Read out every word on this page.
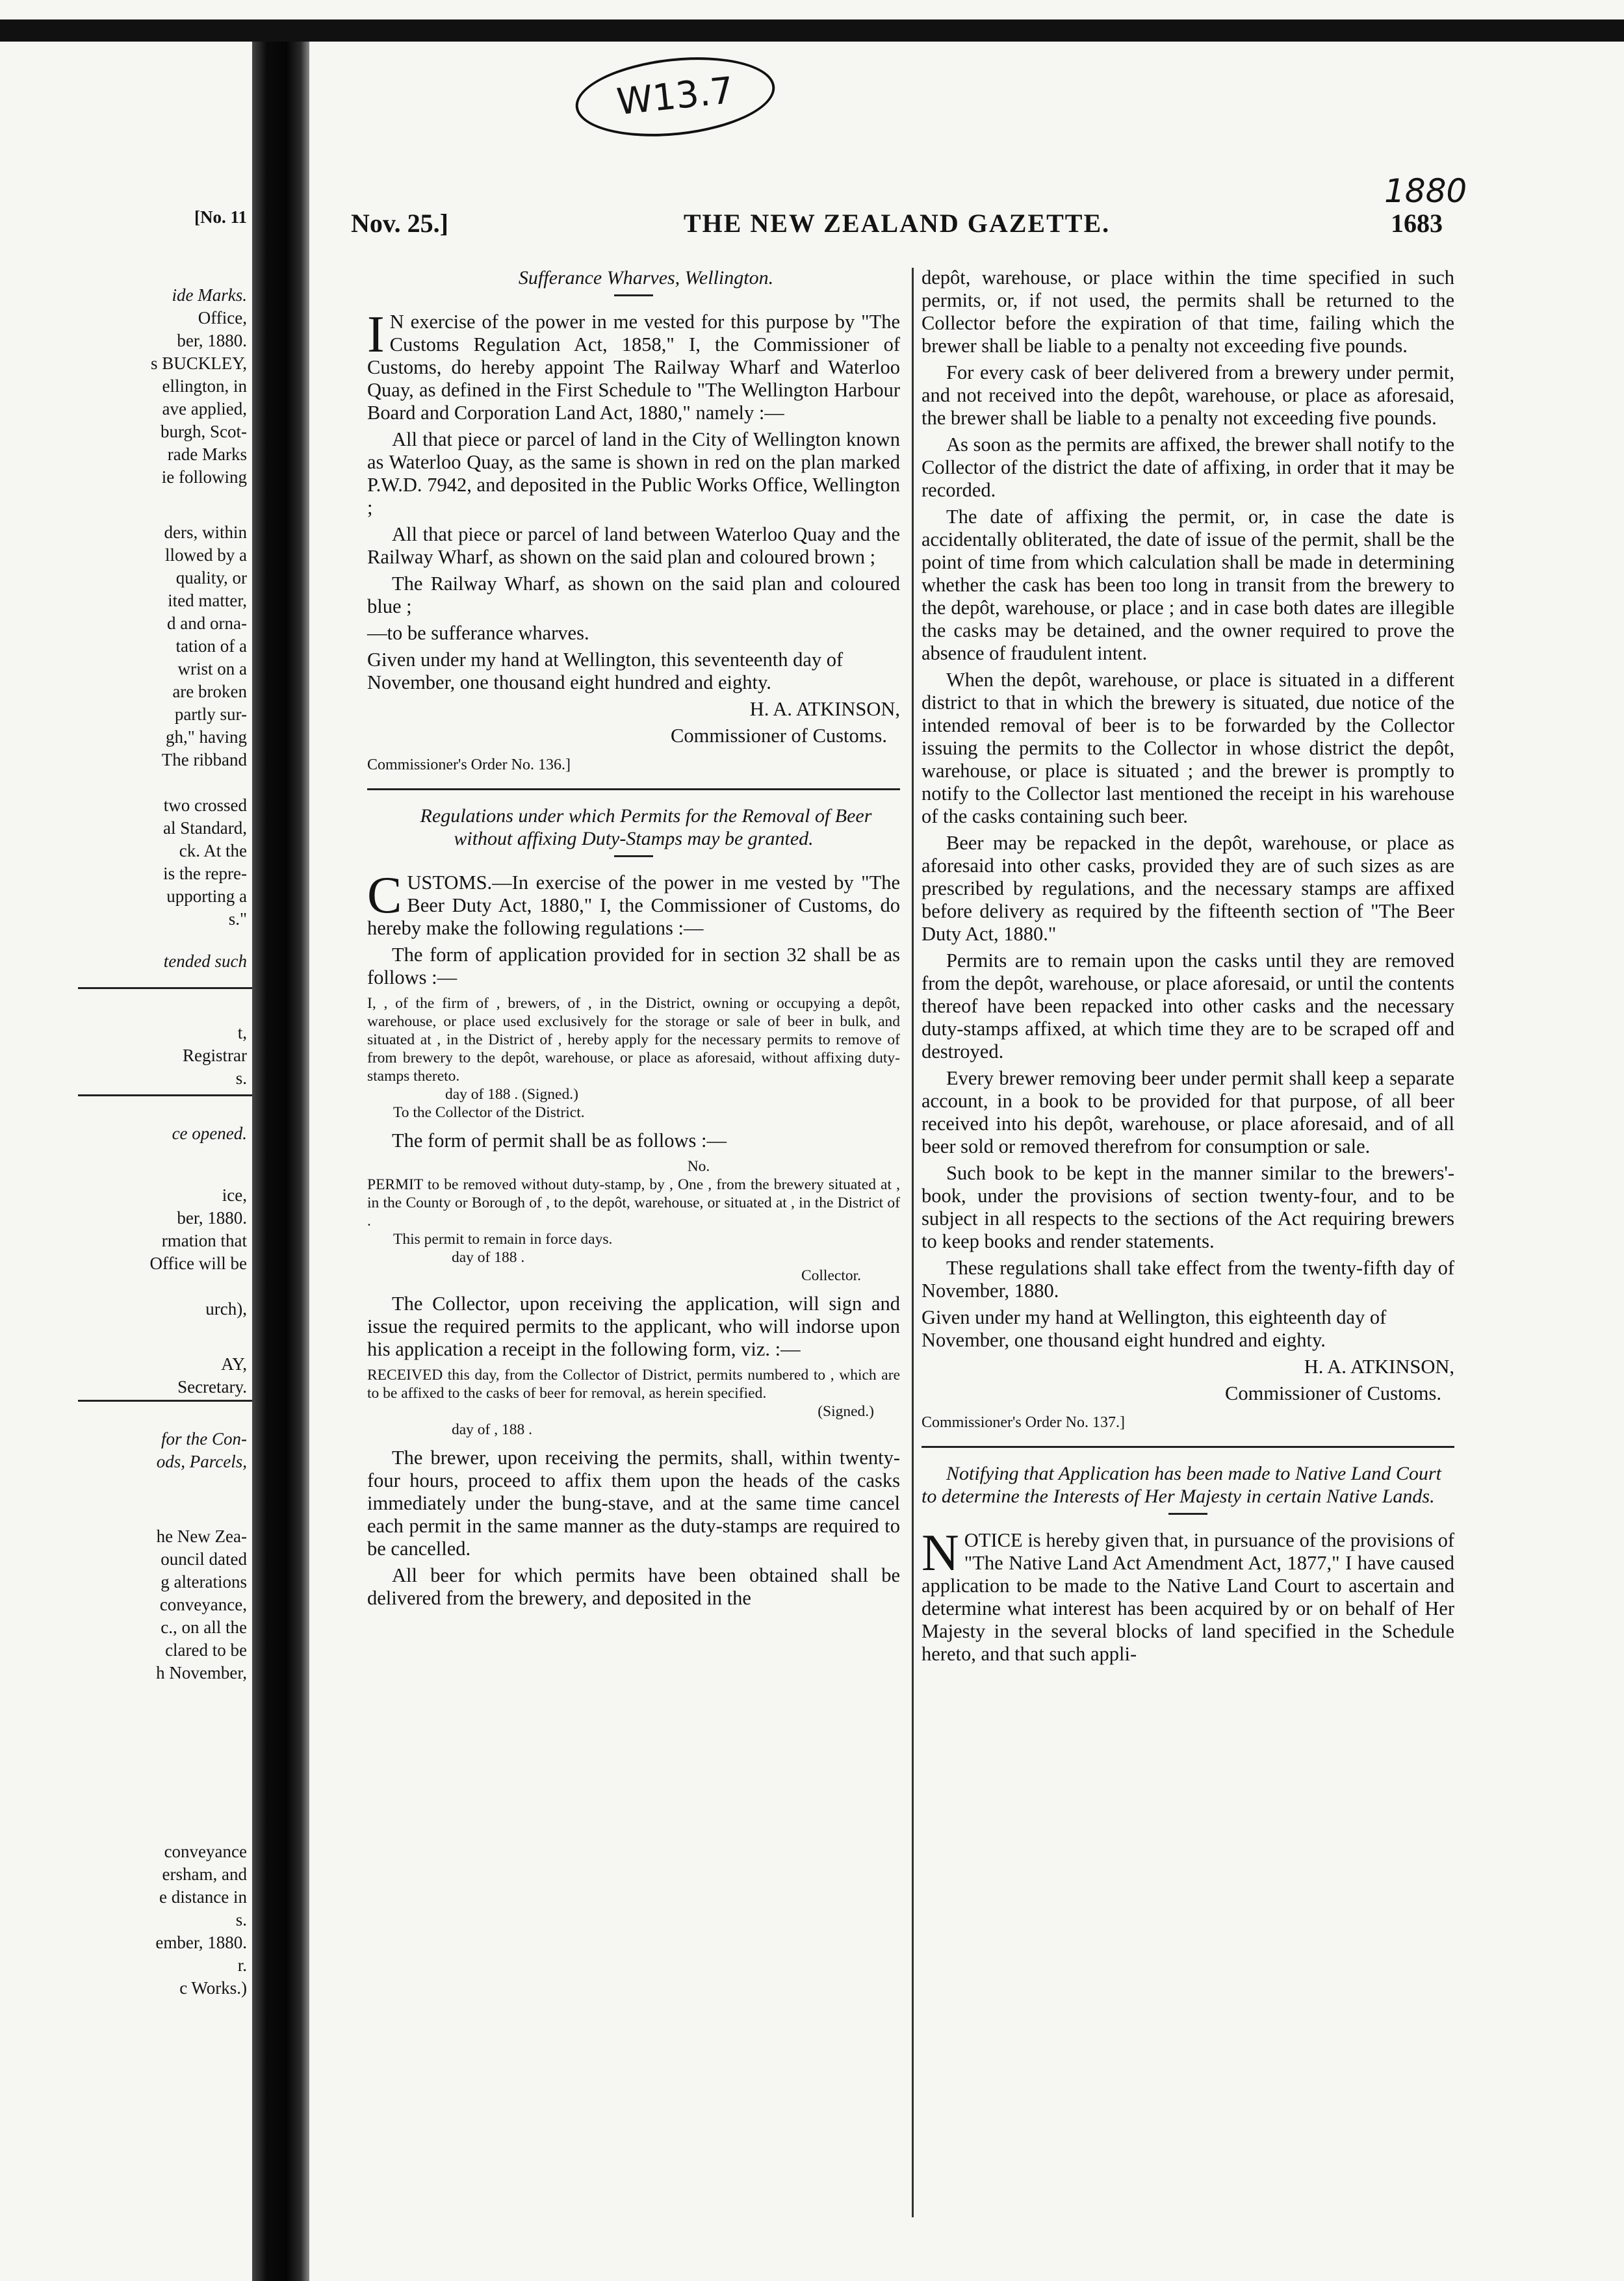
[No. 11
ide Marks.
Office,
ber, 1880.
s BUCKLEY,
ellington, in
ave applied,
burgh, Scot-
rade Marks
ie following
ders, within
llowed by a
quality, or
ited matter,
d and orna-
tation of a
wrist on a
are broken
partly sur-
gh," having
The ribband
two crossed
al Standard,
ck. At the
is the repre-
upporting a
s."
tended such
t,
Registrar
s.
ce opened.
ice,
ber, 1880.
rmation that
Office will be
urch),
AY,
Secretary.
for the Con-
ods, Parcels,
he New Zea-
ouncil dated
g alterations
conveyance,
c., on all the
clared to be
h November,
conveyance
ersham, and
e distance in
s.
ember, 1880.
r.
c Works.)
W13.7
1880
Nov. 25.]	THE NEW ZEALAND GAZETTE.	1683

Sufferance Wharves, Wellington.

I N exercise of the power in me vested for this purpose by "The Customs Regulation Act, 1858," I, the Commissioner of Customs, do hereby appoint The Railway Wharf and Waterloo Quay, as defined in the First Schedule to "The Wellington Harbour Board and Corporation Land Act, 1880," namely :—

All that piece or parcel of land in the City of Wellington known as Waterloo Quay, as the same is shown in red on the plan marked P.W.D. 7942, and deposited in the Public Works Office, Wellington ;

All that piece or parcel of land between Waterloo Quay and the Railway Wharf, as shown on the said plan and coloured brown ;

The Railway Wharf, as shown on the said plan and coloured blue ;

—to be sufferance wharves.

Given under my hand at Wellington, this seventeenth day of November, one thousand eight hundred and eighty.

H. A. ATKINSON,

Commissioner of Customs.

Commissioner's Order No. 136.]

Regulations under which Permits for the Removal of Beer without affixing Duty-Stamps may be granted.

CUSTOMS.—In exercise of the power in me vested by "The Beer Duty Act, 1880," I, the Commissioner of Customs, do hereby make the following regulations :—

The form of application provided for in section 32 shall be as follows :—

I, , of the firm of , brewers, of , in the District, owning or occupying a depôt, warehouse, or place used exclusively for the storage or sale of beer in bulk, and situated at , in the District of , hereby apply for the necessary permits to remove of from brewery to the depôt, warehouse, or place as aforesaid, without affixing duty-stamps thereto.
day of 188 . (Signed.)
To the Collector of the District.

The form of permit shall be as follows :—

No.
PERMIT to be removed without duty-stamp, by , One , from the brewery situated at , in the County or Borough of , to the depôt, warehouse, or situated at , in the District of .
This permit to remain in force days.
day of 188 .
Collector.

The Collector, upon receiving the application, will sign and issue the required permits to the applicant, who will indorse upon his application a receipt in the following form, viz. :—

RECEIVED this day, from the Collector of District, permits numbered to , which are to be affixed to the casks of beer for removal, as herein specified.
(Signed.)
day of , 188 .

The brewer, upon receiving the permits, shall, within twenty-four hours, proceed to affix them upon the heads of the casks immediately under the bung-stave, and at the same time cancel each permit in the same manner as the duty-stamps are required to be cancelled.

All beer for which permits have been obtained shall be delivered from the brewery, and deposited in the

depôt, warehouse, or place within the time specified in such permits, or, if not used, the permits shall be returned to the Collector before the expiration of that time, failing which the brewer shall be liable to a penalty not exceeding five pounds.

For every cask of beer delivered from a brewery under permit, and not received into the depôt, warehouse, or place as aforesaid, the brewer shall be liable to a penalty not exceeding five pounds.

As soon as the permits are affixed, the brewer shall notify to the Collector of the district the date of affixing, in order that it may be recorded.

The date of affixing the permit, or, in case the date is accidentally obliterated, the date of issue of the permit, shall be the point of time from which calculation shall be made in determining whether the cask has been too long in transit from the brewery to the depôt, warehouse, or place ; and in case both dates are illegible the casks may be detained, and the owner required to prove the absence of fraudulent intent.

When the depôt, warehouse, or place is situated in a different district to that in which the brewery is situated, due notice of the intended removal of beer is to be forwarded by the Collector issuing the permits to the Collector in whose district the depôt, warehouse, or place is situated ; and the brewer is promptly to notify to the Collector last mentioned the receipt in his warehouse of the casks containing such beer.

Beer may be repacked in the depôt, warehouse, or place as aforesaid into other casks, provided they are of such sizes as are prescribed by regulations, and the necessary stamps are affixed before delivery as required by the fifteenth section of "The Beer Duty Act, 1880."

Permits are to remain upon the casks until they are removed from the depôt, warehouse, or place aforesaid, or until the contents thereof have been repacked into other casks and the necessary duty-stamps affixed, at which time they are to be scraped off and destroyed.

Every brewer removing beer under permit shall keep a separate account, in a book to be provided for that purpose, of all beer received into his depôt, warehouse, or place aforesaid, and of all beer sold or removed therefrom for consumption or sale.

Such book to be kept in the manner similar to the brewers'-book, under the provisions of section twenty-four, and to be subject in all respects to the sections of the Act requiring brewers to keep books and render statements.

These regulations shall take effect from the twenty-fifth day of November, 1880.

Given under my hand at Wellington, this eighteenth day of November, one thousand eight hundred and eighty.

H. A. ATKINSON,

Commissioner of Customs.

Commissioner's Order No. 137.]

Notifying that Application has been made to Native Land Court to determine the Interests of Her Majesty in certain Native Lands.

NOTICE is hereby given that, in pursuance of the provisions of "The Native Land Act Amendment Act, 1877," I have caused application to be made to the Native Land Court to ascertain and determine what interest has been acquired by or on behalf of Her Majesty in the several blocks of land specified in the Schedule hereto, and that such appli-
